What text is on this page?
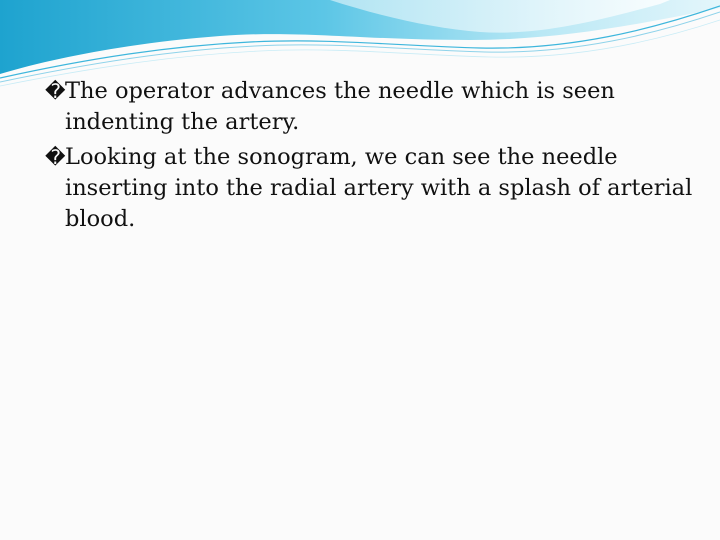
� The operator advances the needle which is seen indenting the artery.
� Looking at the sonogram, we can see the needle inserting into the radial artery with a splash of arterial blood.
